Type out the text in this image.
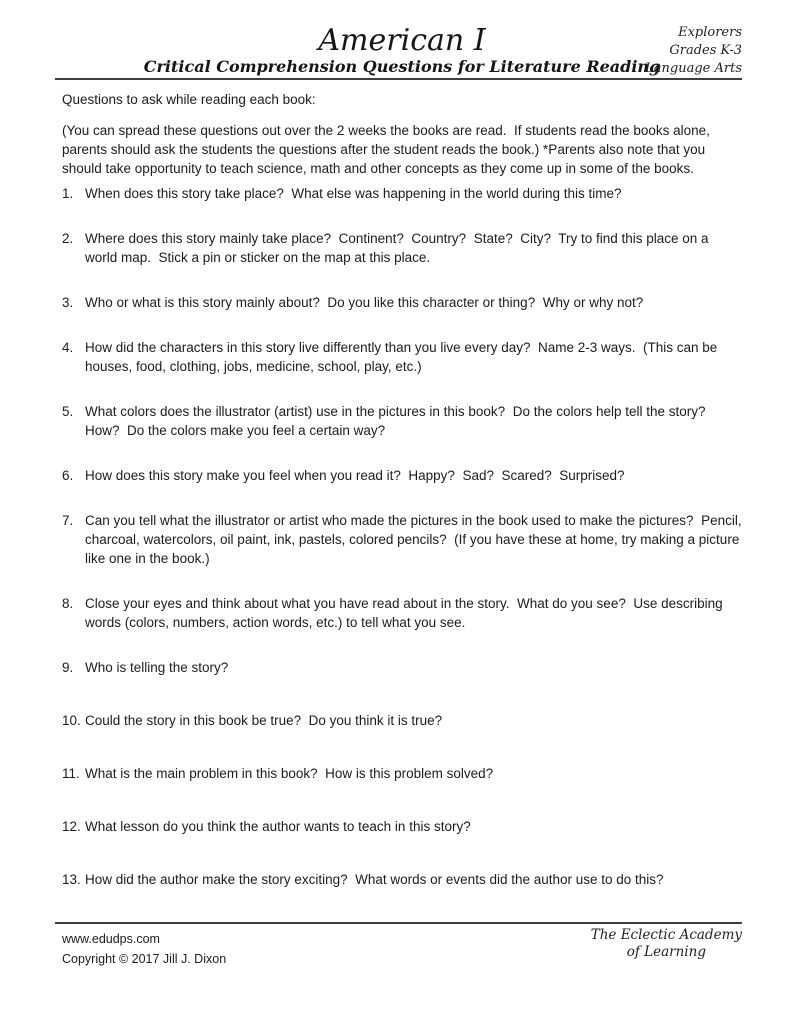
Explorers
Grades K-3
Language Arts
American I
Critical Comprehension Questions for Literature Reading

Questions to ask while reading each book:

(You can spread these questions out over the 2 weeks the books are read.  If students read the books alone, parents should ask the students the questions after the student reads the book.) *Parents also note that you should take opportunity to teach science, math and other concepts as they come up in some of the books.

1. When does this story take place?  What else was happening in the world during this time?
2. Where does this story mainly take place?  Continent?  Country?  State?  City?  Try to find this place on a world map.  Stick a pin or sticker on the map at this place.
3. Who or what is this story mainly about?  Do you like this character or thing?  Why or why not?
4. How did the characters in this story live differently than you live every day?  Name 2-3 ways.  (This can be houses, food, clothing, jobs, medicine, school, play, etc.)
5. What colors does the illustrator (artist) use in the pictures in this book?  Do the colors help tell the story?  How?  Do the colors make you feel a certain way?
6. How does this story make you feel when you read it?  Happy?  Sad?  Scared?  Surprised?
7. Can you tell what the illustrator or artist who made the pictures in the book used to make the pictures?  Pencil, charcoal, watercolors, oil paint, ink, pastels, colored pencils?  (If you have these at home, try making a picture like one in the book.)
8. Close your eyes and think about what you have read about in the story.  What do you see?  Use describing words (colors, numbers, action words, etc.) to tell what you see.
9. Who is telling the story?
10. Could the story in this book be true?  Do you think it is true?
11. What is the main problem in this book?  How is this problem solved?
12. What lesson do you think the author wants to teach in this story?
13. How did the author make the story exciting?  What words or events did the author use to do this?
www.edudps.com
Copyright © 2017 Jill J. Dixon
The Eclectic Academy
of Learning
